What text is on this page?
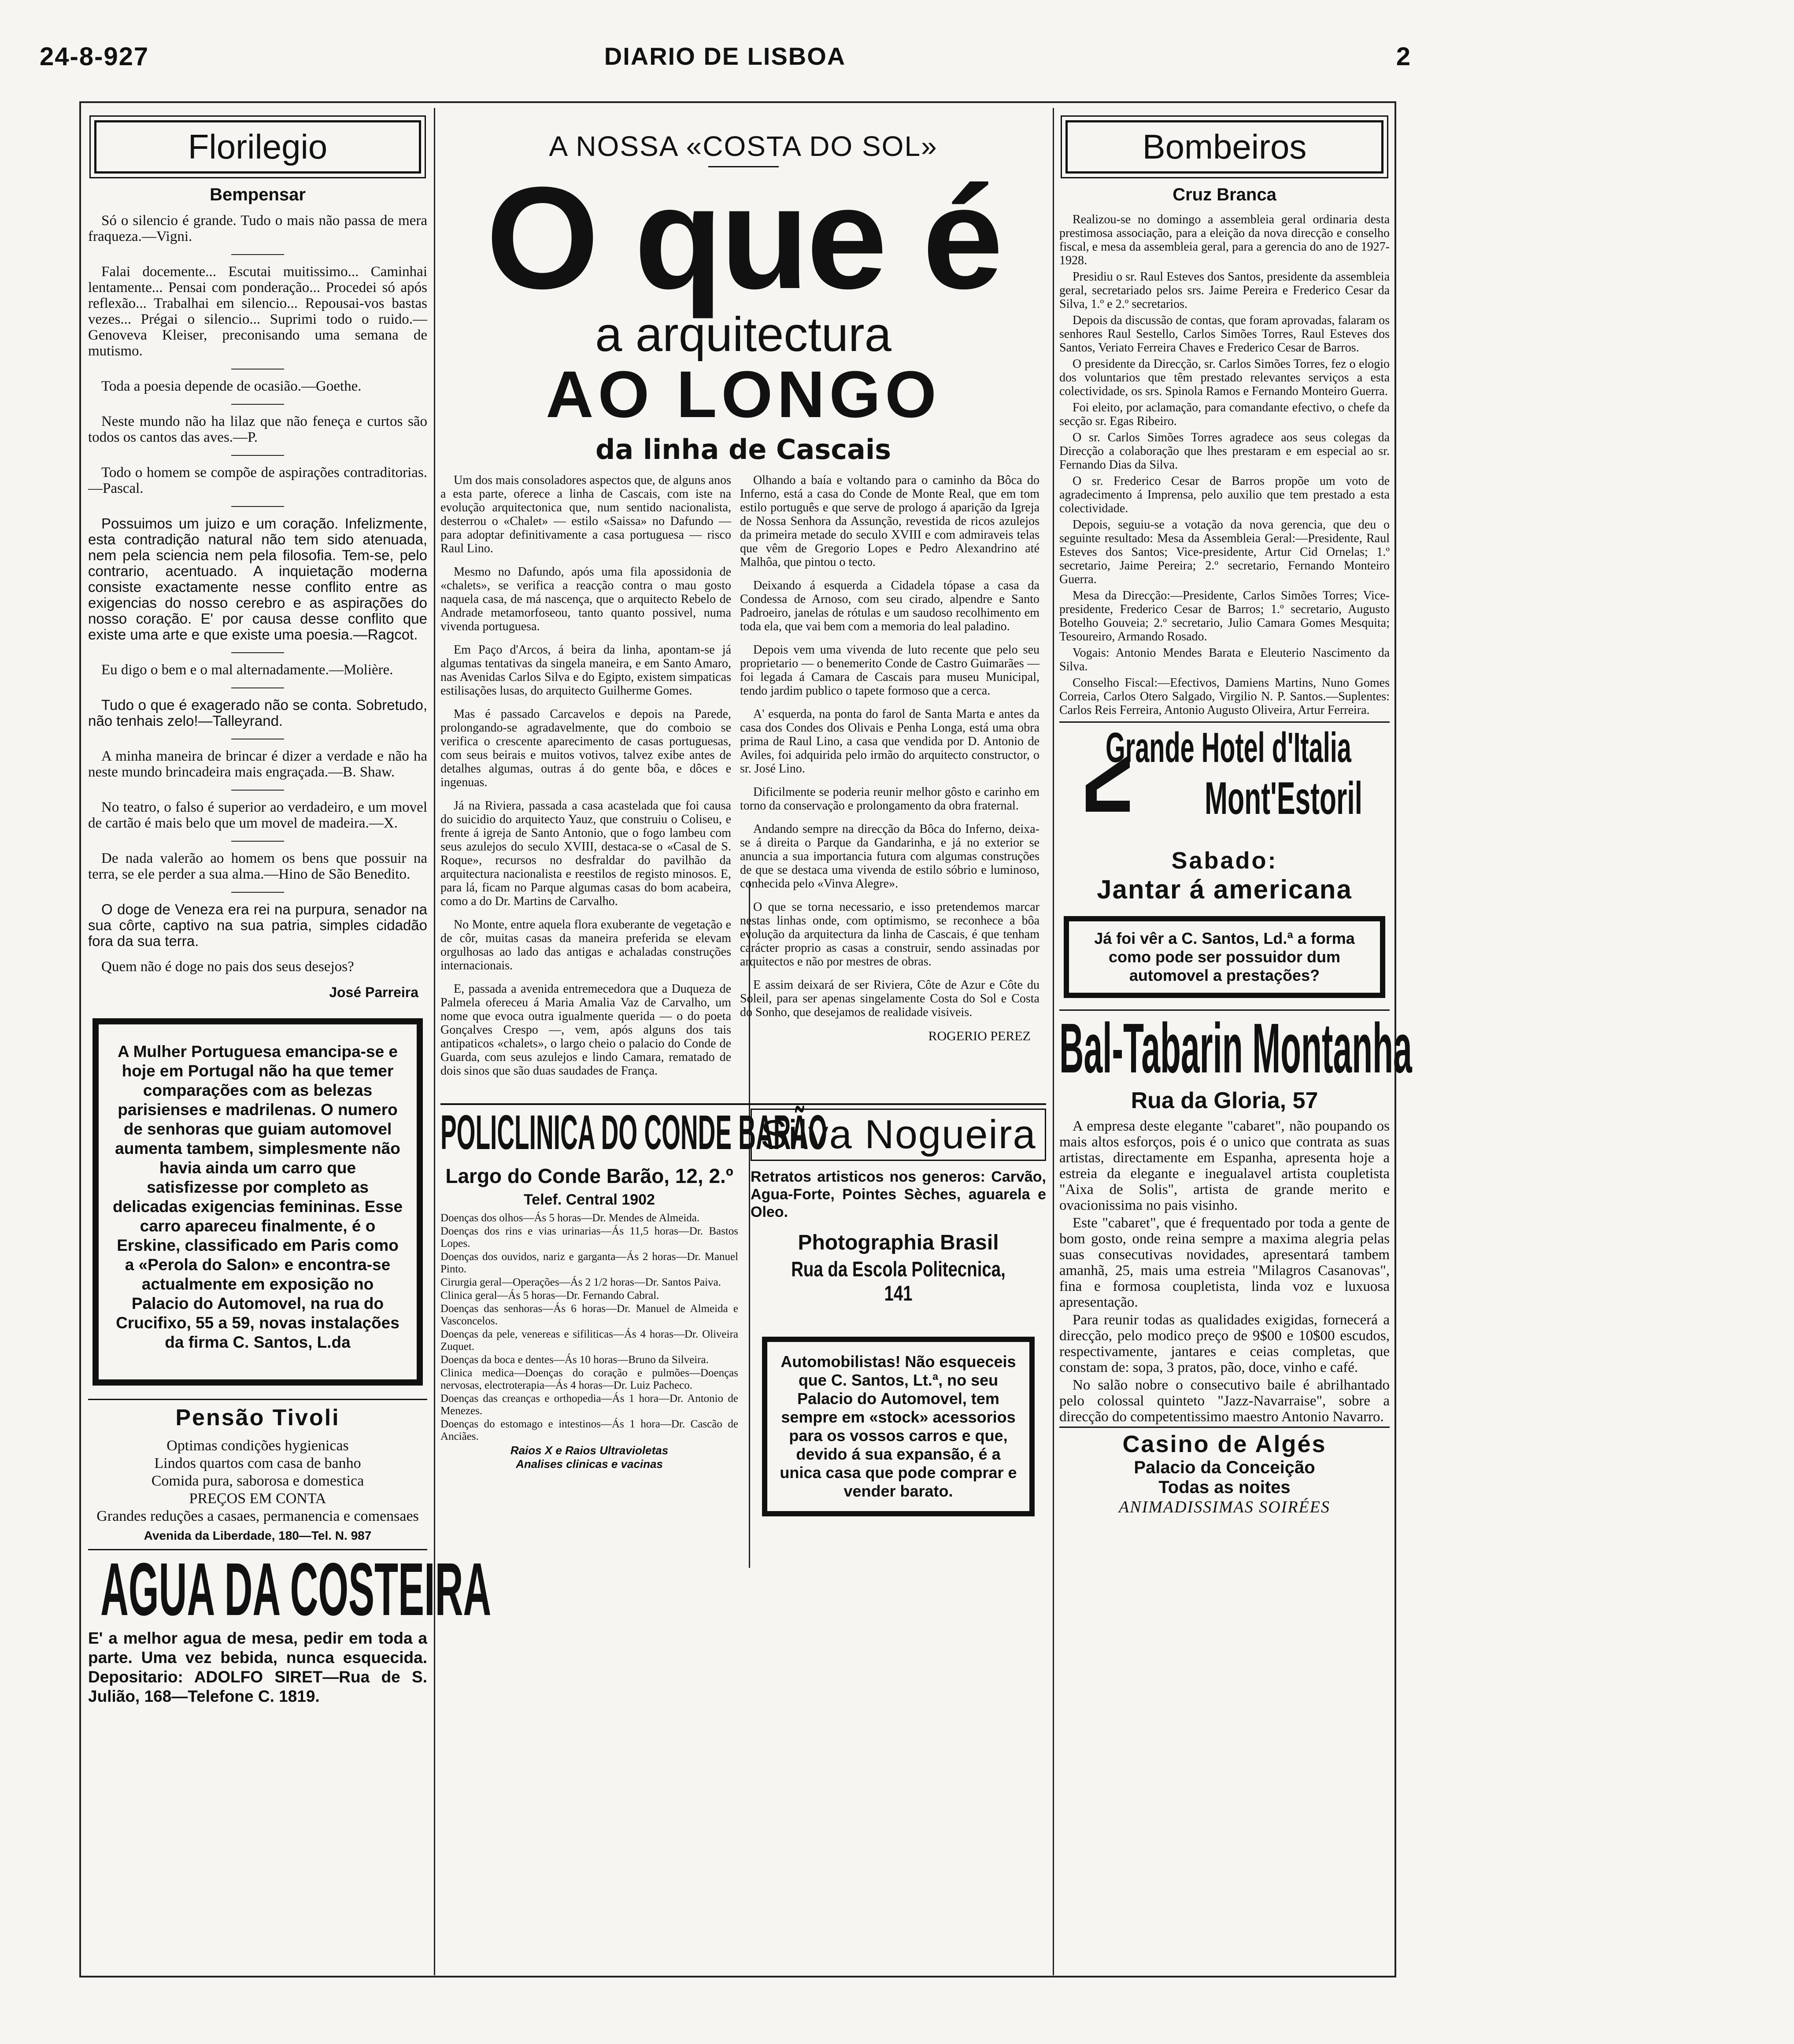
24-8-927	DIARIO DE LISBOA	2
Florilegio
Bempensar

Só o silencio é grande. Tudo o mais não passa de mera fraqueza.—Vigni.

Falai docemente... Escutai muitissimo... Caminhai lentamente... Pensai com ponderação... Procedei só após reflexão... Trabalhai em silencio... Repousai-vos bastas vezes... Prégai o silencio... Suprimi todo o ruido.—Genoveva Kleiser, preconisando uma semana de mutismo.

Toda a poesia depende de ocasião.—Goethe.

Neste mundo não ha lilaz que não feneça e curtos são todos os cantos das aves.—P.

Todo o homem se compõe de aspirações contraditorias.—Pascal.

Possuimos um juizo e um coração. Infelizmente, esta contradição natural não tem sido atenuada, nem pela sciencia nem pela filosofia. Tem-se, pelo contrario, acentuado. A inquietação moderna consiste exactamente nesse conflito entre as exigencias do nosso cerebro e as aspirações do nosso coração. E' por causa desse conflito que existe uma arte e que existe uma poesia.—Ragcot.

Eu digo o bem e o mal alternadamente.—Molière.

Tudo o que é exagerado não se conta. Sobretudo, não tenhais zelo!—Talleyrand.

A minha maneira de brincar é dizer a verdade e não ha neste mundo brincadeira mais engraçada.—B. Shaw.

No teatro, o falso é superior ao verdadeiro, e um movel de cartão é mais belo que um movel de madeira.—X.

De nada valerão ao homem os bens que possuir na terra, se ele perder a sua alma.—Hino de São Benedito.

O doge de Veneza era rei na purpura, senador na sua côrte, captivo na sua patria, simples cidadão fora da sua terra.

Quem não é doge no pais dos seus desejos?

José Parreira

A Mulher Portuguesa emancipa-se e hoje em Portugal não ha que temer comparações com as belezas parisienses e madrilenas. O numero de senhoras que guiam automovel aumenta tambem, simplesmente não havia ainda um carro que satisfizesse por completo as delicadas exigencias femininas. Esse carro apareceu finalmente, é o Erskine, classificado em Paris como a «Perola do Salon» e encontra-se actualmente em exposição no Palacio do Automovel, na rua do Crucifixo, 55 a 59, novas instalações da firma C. Santos, L.da

Pensão Tivoli
Optimas condições hygienicas
Lindos quartos com casa de banho
Comida pura, saborosa e domestica
PREÇOS EM CONTA
Grandes reduções a casaes, permanencia e comensaes
Avenida da Liberdade, 180—Tel. N. 987
AGUA DA COSTEIRA

E' a melhor agua de mesa, pedir em toda a parte. Uma vez bebida, nunca esquecida. Depositario: ADOLFO SIRET—Rua de S. Julião, 168—Telefone C. 1819.

A NOSSA «COSTA DO SOL»
O que é
a arquitectura
AO LONGO
da linha de Cascais

Um dos mais consoladores aspectos que, de alguns anos a esta parte, oferece a linha de Cascais, com iste na evolução arquitectonica que, num sentido nacionalista, desterrou o «Chalet» — estilo «Saissa» no Dafundo — para adoptar definitivamente a casa portuguesa — risco Raul Lino.

Mesmo no Dafundo, após uma fila apossidonia de «chalets», se verifica a reacção contra o mau gosto naquela casa, de má nascença, que o arquitecto Rebelo de Andrade metamorfoseou, tanto quanto possivel, numa vivenda portuguesa.

Em Paço d'Arcos, á beira da linha, apontam-se já algumas tentativas da singela maneira, e em Santo Amaro, nas Avenidas Carlos Silva e do Egipto, existem simpaticas estilisações lusas, do arquitecto Guilherme Gomes.

Mas é passado Carcavelos e depois na Parede, prolongando-se agradavelmente, que do comboio se verifica o crescente aparecimento de casas portuguesas, com seus beirais e muitos votivos, talvez exibe antes de detalhes algumas, outras á do gente bôa, e dôces e ingenuas.

Já na Riviera, passada a casa acastelada que foi causa do suicidio do arquitecto Yauz, que construiu o Coliseu, e frente á igreja de Santo Antonio, que o fogo lambeu com seus azulejos do seculo XVIII, destaca-se o «Casal de S. Roque», recursos no desfraldar do pavilhão da arquitectura nacionalista e reestilos de registo minosos. E, para lá, ficam no Parque algumas casas do bom acabeira, como a do Dr. Martins de Carvalho.

No Monte, entre aquela flora exuberante de vegetação e de côr, muitas casas da maneira preferida se elevam orgulhosas ao lado das antigas e achaladas construções internacionais.

E, passada a avenida entremecedora que a Duqueza de Palmela ofereceu á Maria Amalia Vaz de Carvalho, um nome que evoca outra igualmente querida — o do poeta Gonçalves Crespo —, vem, após alguns dos tais antipaticos «chalets», o largo cheio o palacio do Conde de Guarda, com seus azulejos e lindo Camara, rematado de dois sinos que são duas saudades de França.

Olhando a baía e voltando para o caminho da Bôca do Inferno, está a casa do Conde de Monte Real, que em tom estilo português e que serve de prologo á aparição da Igreja de Nossa Senhora da Assunção, revestida de ricos azulejos da primeira metade do seculo XVIII e com admiraveis telas que vêm de Gregorio Lopes e Pedro Alexandrino até Malhôa, que pintou o tecto.

Deixando á esquerda a Cidadela tópase a casa da Condessa de Arnoso, com seu cirado, alpendre e Santo Padroeiro, janelas de rótulas e um saudoso recolhimento em toda ela, que vai bem com a memoria do leal paladino.

Depois vem uma vivenda de luto recente que pelo seu proprietario — o benemerito Conde de Castro Guimarães — foi legada á Camara de Cascais para museu Municipal, tendo jardim publico o tapete formoso que a cerca.

A' esquerda, na ponta do farol de Santa Marta e antes da casa dos Condes dos Olivais e Penha Longa, está uma obra prima de Raul Lino, a casa que vendida por D. Antonio de Aviles, foi adquirida pelo irmão do arquitecto constructor, o sr. José Lino.

Dificilmente se poderia reunir melhor gôsto e carinho em torno da conservação e prolongamento da obra fraternal.

Andando sempre na direcção da Bôca do Inferno, deixa-se á direita o Parque da Gandarinha, e já no exterior se anuncia a sua importancia futura com algumas construções de que se destaca uma vivenda de estilo sóbrio e luminoso, conhecida pelo «Vinva Alegre».

O que se torna necessario, e isso pretendemos marcar nestas linhas onde, com optimismo, se reconhece a bôa evolução da arquitectura da linha de Cascais, é que tenham carácter proprio as casas a construir, sendo assinadas por arquitectos e não por mestres de obras.

E assim deixará de ser Riviera, Côte de Azur e Côte du Soleil, para ser apenas singelamente Costa do Sol e Costa do Sonho, que desejamos de realidade visiveis.

ROGERIO PEREZ
POLICLINICA DO CONDE BARÃO
Largo do Conde Barão, 12, 2.º
Telef. Central 1902

Doenças dos olhos—Ás 5 horas—Dr. Mendes de Almeida.

Doenças dos rins e vias urinarias—Ás 11,5 horas—Dr. Bastos Lopes.

Doenças dos ouvidos, nariz e garganta—Ás 2 horas—Dr. Manuel Pinto.

Cirurgia geral—Operações—Ás 2 1/2 horas—Dr. Santos Paiva.

Clinica geral—Ás 5 horas—Dr. Fernando Cabral.

Doenças das senhoras—Ás 6 horas—Dr. Manuel de Almeida e Vasconcelos.

Doenças da pele, venereas e sifiliticas—Ás 4 horas—Dr. Oliveira Zuquet.

Doenças da boca e dentes—Ás 10 horas—Bruno da Silveira.

Clinica medica—Doenças do coração e pulmões—Doenças nervosas, electroterapia—Ás 4 horas—Dr. Luiz Pacheco.

Doenças das creanças e orthopedia—Ás 1 hora—Dr. Antonio de Menezes.

Doenças do estomago e intestinos—Ás 1 hora—Dr. Cascão de Anciães.

Raios X e Raios Ultravioletas

Analises clinicas e vacinas

Silva Nogueira

Retratos artisticos nos generos: Carvão, Agua-Forte, Pointes Sèches, aguarela e Oleo.

Photographia Brasil
Rua da Escola Politecnica, 141

Automobilistas! Não esqueceis que C. Santos, Lt.ª, no seu Palacio do Automovel, tem sempre em «stock» acessorios para os vossos carros e que, devido á sua expansão, é a unica casa que pode comprar e vender barato.

Bombeiros
Cruz Branca

Realizou-se no domingo a assembleia geral ordinaria desta prestimosa associação, para a eleição da nova direcção e conselho fiscal, e mesa da assembleia geral, para a gerencia do ano de 1927-1928.

Presidiu o sr. Raul Esteves dos Santos, presidente da assembleia geral, secretariado pelos srs. Jaime Pereira e Frederico Cesar da Silva, 1.º e 2.º secretarios.

Depois da discussão de contas, que foram aprovadas, falaram os senhores Raul Sestello, Carlos Simões Torres, Raul Esteves dos Santos, Veriato Ferreira Chaves e Frederico Cesar de Barros.

O presidente da Direcção, sr. Carlos Simões Torres, fez o elogio dos voluntarios que têm prestado relevantes serviços a esta colectividade, os srs. Spinola Ramos e Fernando Monteiro Guerra.

Foi eleito, por aclamação, para comandante efectivo, o chefe da secção sr. Egas Ribeiro.

O sr. Carlos Simões Torres agradece aos seus colegas da Direcção a colaboração que lhes prestaram e em especial ao sr. Fernando Dias da Silva.

O sr. Frederico Cesar de Barros propõe um voto de agradecimento á Imprensa, pelo auxilio que tem prestado a esta colectividade.

Depois, seguiu-se a votação da nova gerencia, que deu o seguinte resultado: Mesa da Assembleia Geral:—Presidente, Raul Esteves dos Santos; Vice-presidente, Artur Cid Ornelas; 1.º secretario, Jaime Pereira; 2.º secretario, Fernando Monteiro Guerra.

Mesa da Direcção:—Presidente, Carlos Simões Torres; Vice-presidente, Frederico Cesar de Barros; 1.º secretario, Augusto Botelho Gouveia; 2.º secretario, Julio Camara Gomes Mesquita; Tesoureiro, Armando Rosado.

Vogais: Antonio Mendes Barata e Eleuterio Nascimento da Silva.

Conselho Fiscal:—Efectivos, Damiens Martins, Nuno Gomes Correia, Carlos Otero Salgado, Virgilio N. P. Santos.—Suplentes: Carlos Reis Ferreira, Antonio Augusto Oliveira, Artur Ferreira.

Grande Hotel d'Italia
Mont'Estoril
Sabado:
Jantar á americana

Já foi vêr a C. Santos, Ld.ª a forma como pode ser possuidor dum automovel a prestações?

Bal-Tabarin Montanha
Rua da Gloria, 57

A empresa deste elegante "cabaret", não poupando os mais altos esforços, pois é o unico que contrata as suas artistas, directamente em Espanha, apresenta hoje a estreia da elegante e inegualavel artista coupletista "Aixa de Solis", artista de grande merito e ovacionissima no pais visinho.

Este "cabaret", que é frequentado por toda a gente de bom gosto, onde reina sempre a maxima alegria pelas suas consecutivas novidades, apresentará tambem amanhã, 25, mais uma estreia "Milagros Casanovas", fina e formosa coupletista, linda voz e luxuosa apresentação.

Para reunir todas as qualidades exigidas, fornecerá a direcção, pelo modico preço de 9$00 e 10$00 escudos, respectivamente, jantares e ceias completas, que constam de: sopa, 3 pratos, pão, doce, vinho e café.

No salão nobre o consecutivo baile é abrilhantado pelo colossal quinteto "Jazz-Navarraise", sobre a direcção do competentissimo maestro Antonio Navarro.

Casino de Algés
Palacio da Conceição
Todas as noites
ANIMADISSIMAS SOIRÉES
